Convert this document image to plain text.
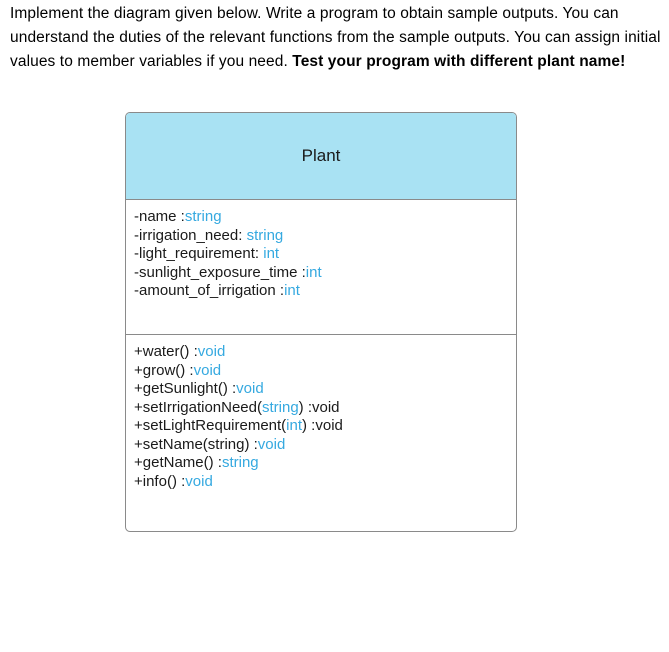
Implement the diagram given below. Write a program to obtain sample outputs. You can understand the duties of the relevant functions from the sample outputs. You can assign initial values to member variables if you need. Test your program with different plant name!
Plant
-name :string
-irrigation_need: string
-light_requirement: int
-sunlight_exposure_time :int
-amount_of_irrigation :int
+water() :void
+grow() :void
+getSunlight() :void
+setIrrigationNeed(string) :void
+setLightRequirement(int) :void
+setName(string) :void
+getName() :string
+info() :void
